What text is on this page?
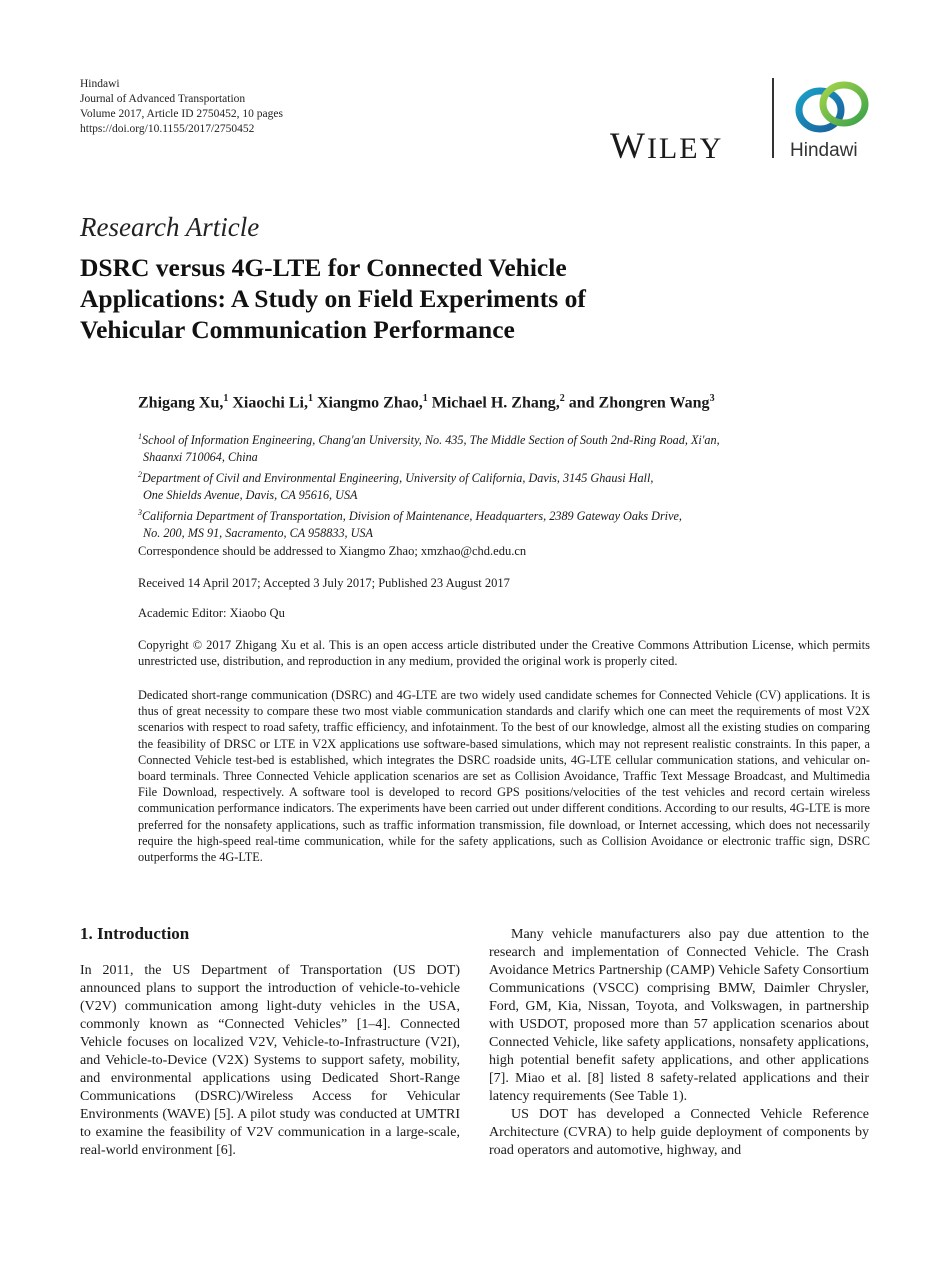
Hindawi
Journal of Advanced Transportation
Volume 2017, Article ID 2750452, 10 pages
https://doi.org/10.1155/2017/2750452	WILEY	Hindawi
Research Article
DSRC versus 4G-LTE for Connected Vehicle
Applications: A Study on Field Experiments of
Vehicular Communication Performance
Zhigang Xu,$^1$ Xiaochi Li,$^1$ Xiangmo Zhao,$^1$ Michael H. Zhang,$^2$ and Zhongren Wang$^3$
$^1$School of Information Engineering, Chang'an University, No. 435, The Middle Section of South 2nd-Ring Road, Xi'an,
Shaanxi 710064, China
$^2$Department of Civil and Environmental Engineering, University of California, Davis, 3145 Ghausi Hall,
One Shields Avenue, Davis, CA 95616, USA
$^3$California Department of Transportation, Division of Maintenance, Headquarters, 2389 Gateway Oaks Drive,
No. 200, MS 91, Sacramento, CA 958833, USA
Correspondence should be addressed to Xiangmo Zhao; xmzhao@chd.edu.cn
Received 14 April 2017; Accepted 3 July 2017; Published 23 August 2017
Academic Editor: Xiaobo Qu
Copyright © 2017 Zhigang Xu et al. This is an open access article distributed under the Creative Commons Attribution License, which permits unrestricted use, distribution, and reproduction in any medium, provided the original work is properly cited.
Dedicated short-range communication (DSRC) and 4G-LTE are two widely used candidate schemes for Connected Vehicle (CV) applications. It is thus of great necessity to compare these two most viable communication standards and clarify which one can meet the requirements of most V2X scenarios with respect to road safety, traffic efficiency, and infotainment. To the best of our knowledge, almost all the existing studies on comparing the feasibility of DRSC or LTE in V2X applications use software-based simulations, which may not represent realistic constraints. In this paper, a Connected Vehicle test-bed is established, which integrates the DSRC roadside units, 4G-LTE cellular communication stations, and vehicular on-board terminals. Three Connected Vehicle application scenarios are set as Collision Avoidance, Traffic Text Message Broadcast, and Multimedia File Download, respectively. A software tool is developed to record GPS positions/velocities of the test vehicles and record certain wireless communication performance indicators. The experiments have been carried out under different conditions. According to our results, 4G-LTE is more preferred for the nonsafety applications, such as traffic information transmission, file download, or Internet accessing, which does not necessarily require the high-speed real-time communication, while for the safety applications, such as Collision Avoidance or electronic traffic sign, DSRC outperforms the 4G-LTE.
1. Introduction

In 2011, the US Department of Transportation (US DOT) announced plans to support the introduction of vehicle-to-vehicle (V2V) communication among light-duty vehicles in the USA, commonly known as “Connected Vehicles” [1–4]. Connected Vehicle focuses on localized V2V, Vehicle-to-Infrastructure (V2I), and Vehicle-to-Device (V2X) Systems to support safety, mobility, and environmental applications using Dedicated Short-Range Communications (DSRC)/Wireless Access for Vehicular Environments (WAVE) [5]. A pilot study was conducted at UMTRI to examine the feasibility of V2V communication in a large-scale, real-world environment [6].

Many vehicle manufacturers also pay due attention to the research and implementation of Connected Vehicle. The Crash Avoidance Metrics Partnership (CAMP) Vehicle Safety Consortium Communications (VSCC) comprising BMW, Daimler Chrysler, Ford, GM, Kia, Nissan, Toyota, and Volkswagen, in partnership with USDOT, proposed more than 57 application scenarios about Connected Vehicle, like safety applications, nonsafety applications, high potential benefit safety applications, and other applications [7]. Miao et al. [8] listed 8 safety-related applications and their latency requirements (See Table 1).

US DOT has developed a Connected Vehicle Reference Architecture (CVRA) to help guide deployment of components by road operators and automotive, highway, and
